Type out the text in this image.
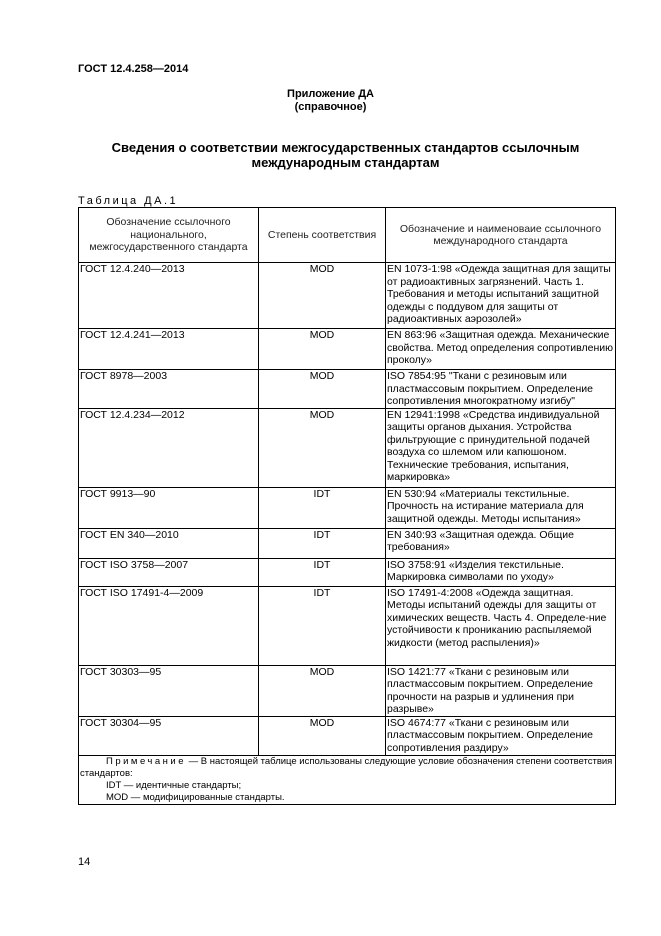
ГОСТ 12.4.258—2014
Приложение ДА
(справочное)
Сведения о соответствии межгосударственных стандартов ссылочным
международным стандартам
Таблица ДА.1
Обозначение ссылочного национального, межгосударственного стандарта	Степень соответствия	Обозначение и наименоваие ссылочного международного стандарта
ГОСТ 12.4.240—2013	MOD	EN 1073-1:98 «Одежда защитная для защиты от радиоактивных загрязнений. Часть 1. Требования и методы испытаний защитной одежды с поддувом для защиты от радиоактивных аэрозолей»
ГОСТ 12.4.241—2013	MOD	EN 863:96 «Защитная одежда. Механические свойства. Метод определения сопротивлению проколу»
ГОСТ 8978—2003	MOD	ISO 7854:95 "Ткани с резиновым или пластмассовым покрытием. Определение сопротивления многократному изгибу"
ГОСТ 12.4.234—2012	MOD	EN 12941:1998 «Средства индивидуальной защиты органов дыхания. Устройства фильтрующие с принудительной подачей воздуха со шлемом или капюшоном. Технические требования, испытания, маркировка»
ГОСТ 9913—90	IDT	EN 530:94 «Материалы текстильные. Прочность на истирание материала для защитной одежды. Методы испытания»
ГОСТ EN 340—2010	IDT	EN 340:93 «Защитная одежда. Общие требования»
ГОСТ ISO 3758—2007	IDT	ISO 3758:91 «Изделия текстильные. Маркировка символами по уходу»
ГОСТ ISO 17491-4—2009	IDT	ISO 17491-4:2008 «Одежда защитная. Методы испытаний одежды для защиты от химических веществ. Часть 4. Определе-ние устойчивости к прониканию распыляемой жидкости (метод распыления)»
ГОСТ 30303—95	MOD	ISO 1421:77 «Ткани с резиновым или пластмассовым покрытием. Определение прочности на разрыв и удлинения при разрыве»
ГОСТ 30304—95	MOD	ISO 4674:77 «Ткани с резиновым или пластмассовым покрытием. Определение сопротивления раздиру»

Примечание — В настоящей таблице использованы следующие условие обозначения степени соответствия стандартов:
IDT — идентичные стандарты;
MOD — модифицированные стандарты.		
14
